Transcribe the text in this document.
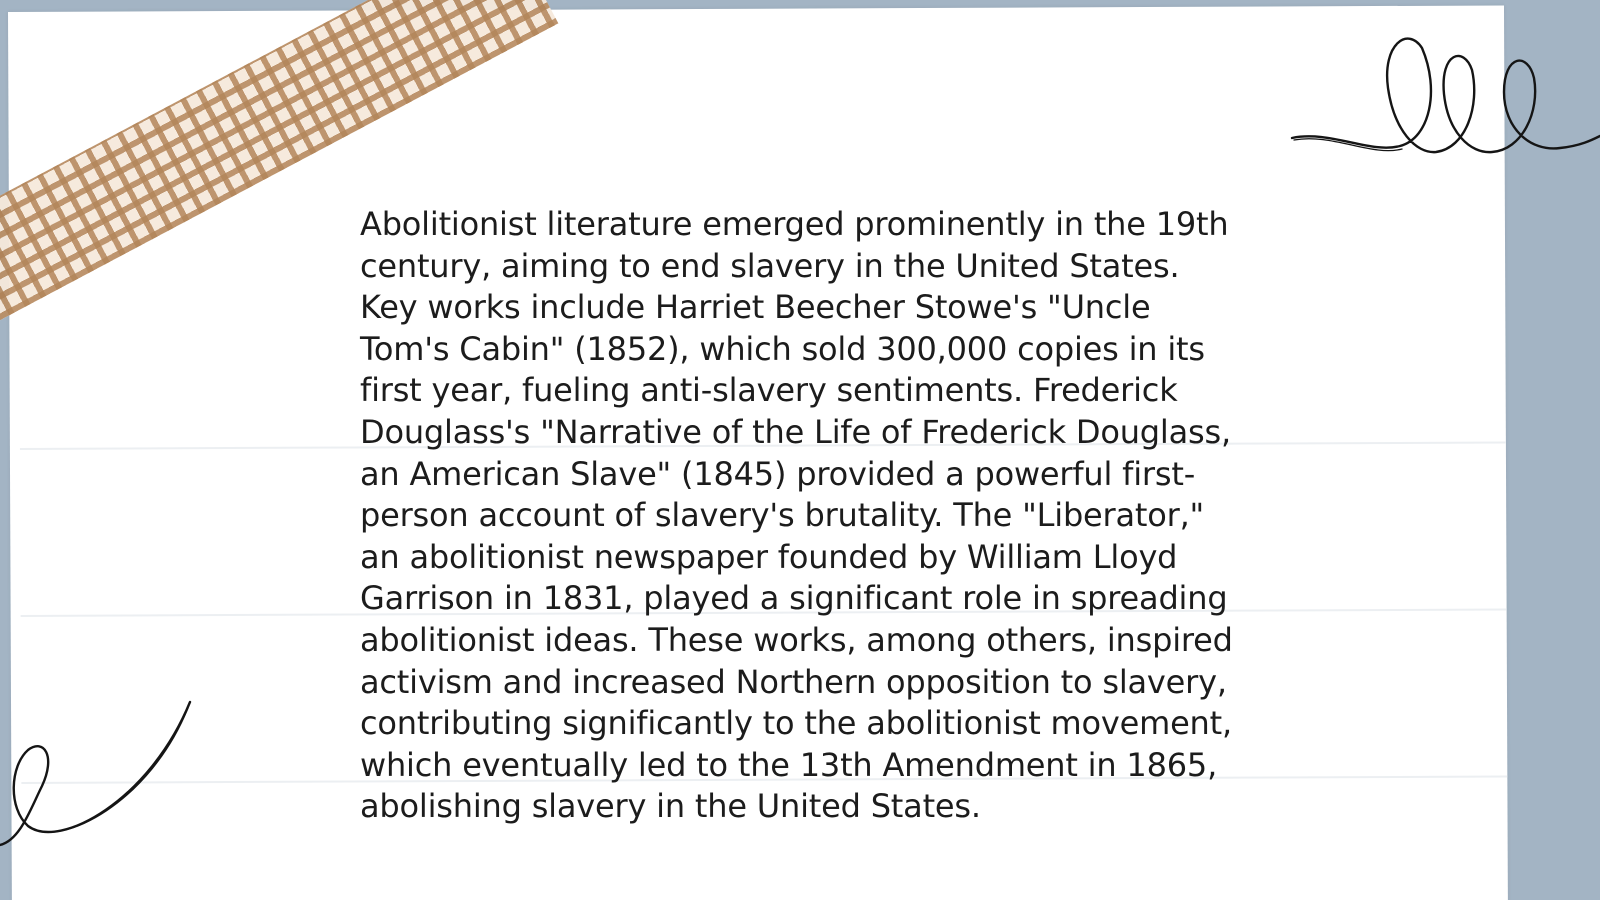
Abolitionist literature emerged prominently in the 19th century, aiming to end slavery in the United States. Key works include Harriet Beecher Stowe's "Uncle Tom's Cabin" (1852), which sold 300,000 copies in its first year, fueling anti-slavery sentiments. Frederick Douglass's "Narrative of the Life of Frederick Douglass, an American Slave" (1845) provided a powerful first-person account of slavery's brutality. The "Liberator," an abolitionist newspaper founded by William Lloyd Garrison in 1831, played a significant role in spreading abolitionist ideas. These works, among others, inspired activism and increased Northern opposition to slavery, contributing significantly to the abolitionist movement, which eventually led to the 13th Amendment in 1865, abolishing slavery in the United States.
